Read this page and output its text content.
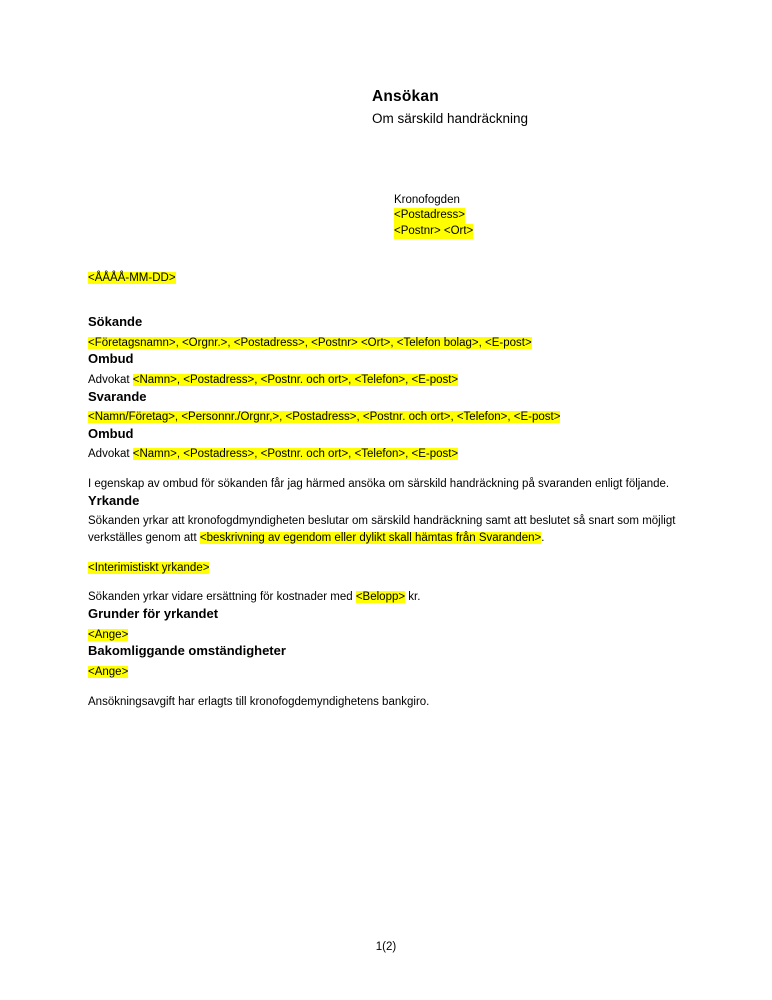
Ansökan

Om särskild handräckning

Kronofogden
<Postadress>
<Postnr> <Ort>
<ÅÅÅÅ-MM-DD>
Sökande

<Företagsnamn>, <Orgnr.>, <Postadress>, <Postnr> <Ort>, <Telefon bolag>, <E-post>

Ombud

Advokat <Namn>, <Postadress>, <Postnr. och ort>, <Telefon>, <E-post>

Svarande

<Namn/Företag>, <Personnr./Orgnr,>, <Postadress>, <Postnr. och ort>, <Telefon>, <E-post>

Ombud

Advokat <Namn>, <Postadress>, <Postnr. och ort>, <Telefon>, <E-post>

I egenskap av ombud för sökanden får jag härmed ansöka om särskild handräckning på svaranden enligt följande.

Yrkande

Sökanden yrkar att kronofogdmyndigheten beslutar om särskild handräckning samt att beslutet så snart som möjligt verkställes genom att <beskrivning av egendom eller dylikt skall hämtas från Svaranden>.

<Interimistiskt yrkande>

Sökanden yrkar vidare ersättning för kostnader med <Belopp> kr.

Grunder för yrkandet

<Ange>

Bakomliggande omständigheter

<Ange>

Ansökningsavgift har erlagts till kronofogdemyndighetens bankgiro.

1(2)
